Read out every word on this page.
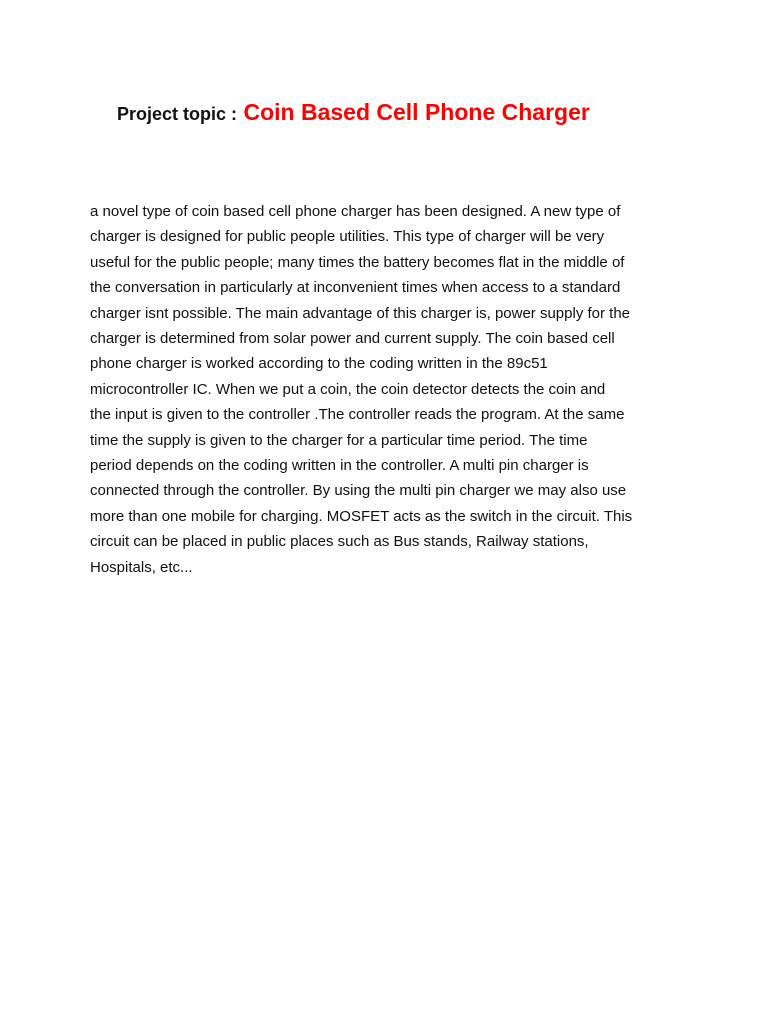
Project topic : Coin Based Cell Phone Charger

a novel type of coin based cell phone charger has been designed. A new type of
charger is designed for public people utilities. This type of charger will be very
useful for the public people; many times the battery becomes flat in the middle of
the conversation in particularly at inconvenient times when access to a standard
charger isnt possible. The main advantage of this charger is, power supply for the
charger is determined from solar power and current supply. The coin based cell
phone charger is worked according to the coding written in the 89c51
microcontroller IC. When we put a coin, the coin detector detects the coin and
the input is given to the controller .The controller reads the program. At the same
time the supply is given to the charger for a particular time period. The time
period depends on the coding written in the controller. A multi pin charger is
connected through the controller. By using the multi pin charger we may also use
more than one mobile for charging. MOSFET acts as the switch in the circuit. This
circuit can be placed in public places such as Bus stands, Railway stations,
Hospitals, etc...
